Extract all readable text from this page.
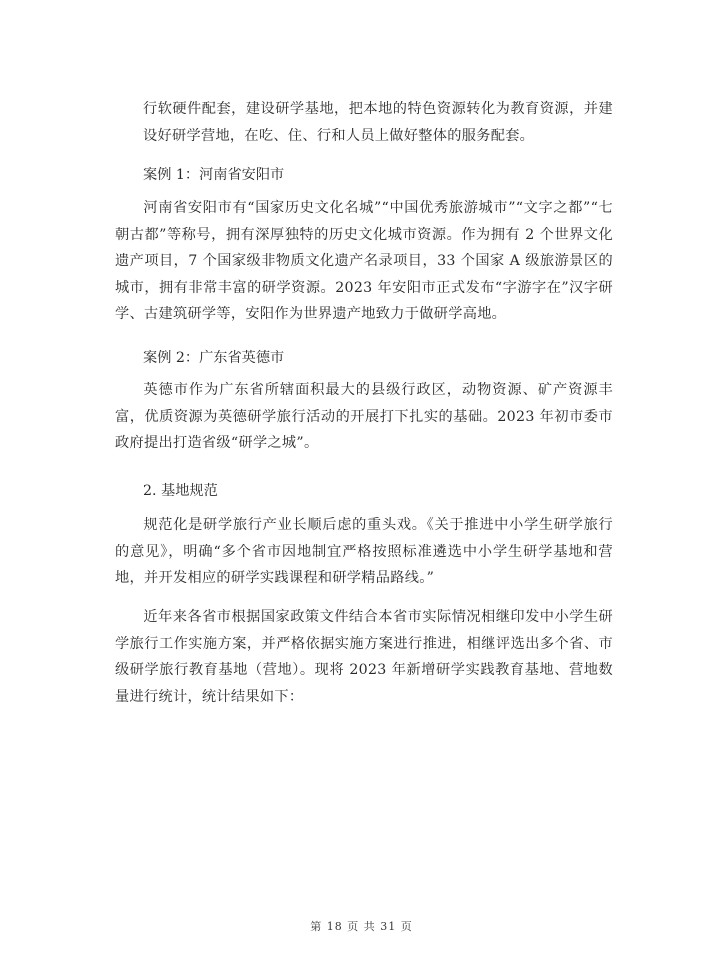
行软硬件配套，建设研学基地，把本地的特色资源转化为教育资源，并建设好研学营地，在吃、住、行和人员上做好整体的服务配套。

案例 1：河南省安阳市

河南省安阳市有“国家历史文化名城”“中国优秀旅游城市”“文字之都”“七朝古都”等称号，拥有深厚独特的历史文化城市资源。作为拥有 2 个世界文化遗产项目，7 个国家级非物质文化遗产名录项目，33 个国家 A 级旅游景区的城市，拥有非常丰富的研学资源。2023 年安阳市正式发布“字游字在”汉字研学、古建筑研学等，安阳作为世界遗产地致力于做研学高地。

案例 2：广东省英德市

英德市作为广东省所辖面积最大的县级行政区，动物资源、矿产资源丰富，优质资源为英德研学旅行活动的开展打下扎实的基础。2023 年初市委市政府提出打造省级“研学之城”。

2. 基地规范

规范化是研学旅行产业长顺后虑的重头戏。《关于推进中小学生研学旅行的意见》，明确“多个省市因地制宜严格按照标准遴选中小学生研学基地和营地，并开发相应的研学实践课程和研学精品路线。”

近年来各省市根据国家政策文件结合本省市实际情况相继印发中小学生研学旅行工作实施方案，并严格依据实施方案进行推进，相继评选出多个省、市级研学旅行教育基地（营地）。现将 2023 年新增研学实践教育基地、营地数量进行统计，统计结果如下：

第 18 页 共 31 页
